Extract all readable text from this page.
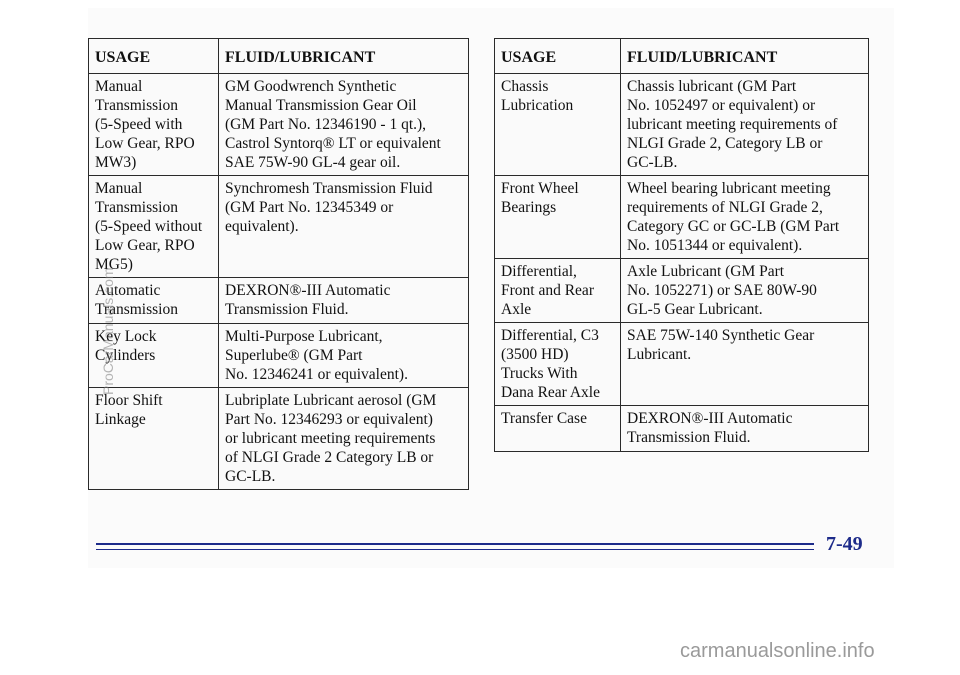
USAGE	FLUID/LUBRICANT

Manual
Transmission
(5-Speed with
Low Gear, RPO
MW3)	GM Goodwrench Synthetic
Manual Transmission Gear Oil
(GM Part No. 12346190 - 1 qt.),
Castrol Syntorq® LT or equivalent
SAE 75W-90 GL-4 gear oil.

Manual
Transmission
(5-Speed without
Low Gear, RPO
MG5)	Synchromesh Transmission Fluid
(GM Part No. 12345349 or
equivalent).

Automatic
Transmission	DEXRON®-III Automatic
Transmission Fluid.

Key Lock
Cylinders	Multi-Purpose Lubricant,
Superlube® (GM Part
No. 12346241 or equivalent).

Floor Shift
Linkage	Lubriplate Lubricant aerosol (GM
Part No. 12346293 or equivalent)
or lubricant meeting requirements
of NLGI Grade 2 Category LB or
GC-LB.
USAGE	FLUID/LUBRICANT

Chassis
Lubrication	Chassis lubricant (GM Part
No. 1052497 or equivalent) or
lubricant meeting requirements of
NLGI Grade 2, Category LB or
GC-LB.

Front Wheel
Bearings	Wheel bearing lubricant meeting
requirements of NLGI Grade 2,
Category GC or GC-LB (GM Part
No. 1051344 or equivalent).

Differential,
Front and Rear
Axle	Axle Lubricant (GM Part
No. 1052271) or SAE 80W-90
GL-5 Gear Lubricant.

Differential, C3
(3500 HD)
Trucks With
Dana Rear Axle	SAE 75W-140 Synthetic Gear
Lubricant.

Transfer Case	DEXRON®-III Automatic
Transmission Fluid.
7-49
ProCarManuals.com
carmanualsonline.info
